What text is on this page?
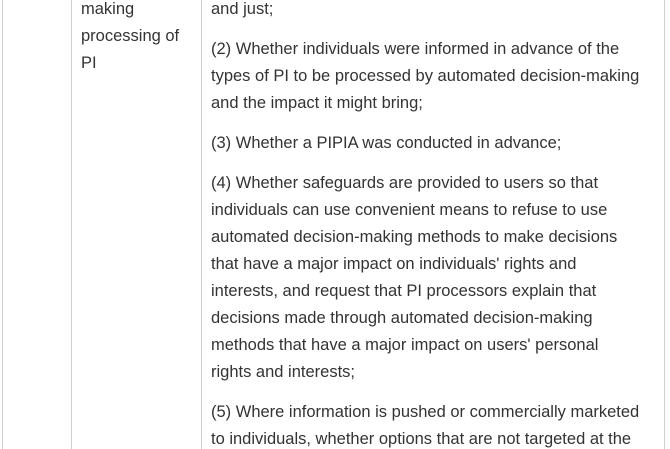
making
processing of
PI
and just;
(2) Whether individuals were informed in advance of the
types of PI to be processed by automated decision-making
and the impact it might bring;
(3) Whether a PIPIA was conducted in advance;
(4) Whether safeguards are provided to users so that
individuals can use convenient means to refuse to use
automated decision-making methods to make decisions
that have a major impact on individuals' rights and
interests, and request that PI processors explain that
decisions made through automated decision-making
methods that have a major impact on users' personal
rights and interests;
(5) Where information is pushed or commercially marketed
to individuals, whether options that are not targeted at the
